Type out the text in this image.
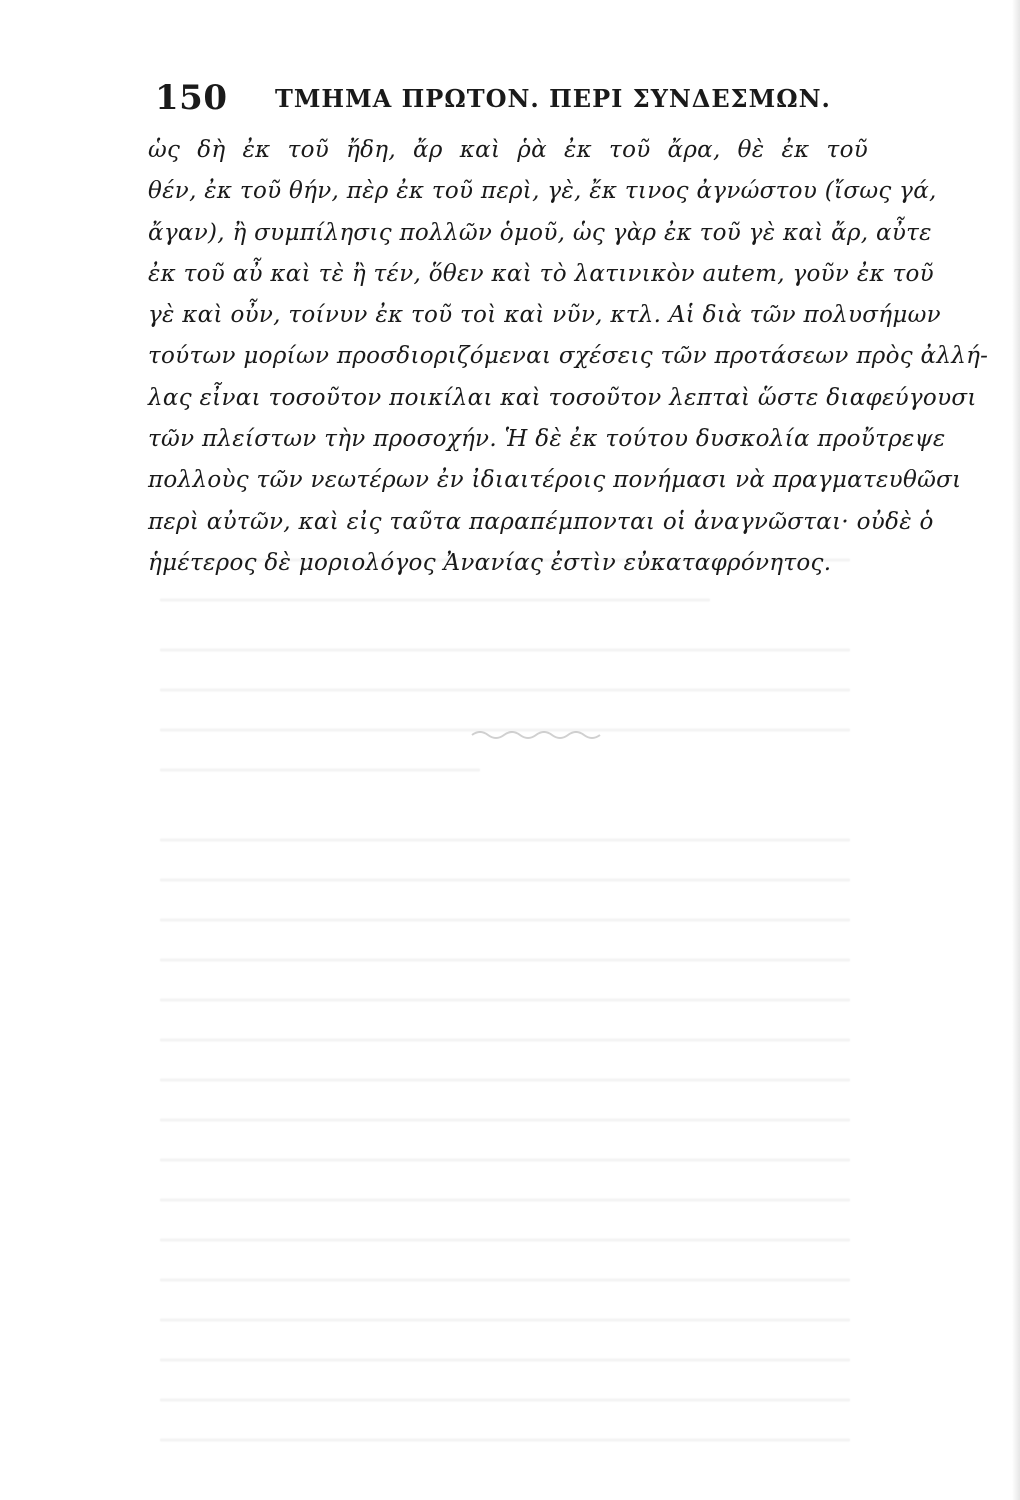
150 ΤΜΗΜΑ ΠΡΩΤΟΝ. ΠΕΡΙ ΣΥΝΔΕΣΜΩΝ.
ὡς δὴ ἐκ τοῦ ἤδη, ἄρ καὶ ῥὰ ἐκ τοῦ ἄρα, θὲ ἐκ τοῦ
θέν, ἐκ τοῦ θήν, πὲρ ἐκ τοῦ περὶ, γὲ, ἔκ τινος ἀγνώστου (ἴσως γά,
ἄγαν), ἢ συμπίλησις πολλῶν ὁμοῦ, ὡς γὰρ ἐκ τοῦ γὲ καὶ ἄρ, αὖτε
ἐκ τοῦ αὖ καὶ τὲ ἢ τέν, ὅθεν καὶ τὸ λατινικὸν autem, γοῦν ἐκ τοῦ
γὲ καὶ οὖν, τοίνυν ἐκ τοῦ τοὶ καὶ νῦν, κτλ. Αἱ διὰ τῶν πολυσήμων
τούτων μορίων προσδιοριζόμεναι σχέσεις τῶν προτάσεων πρὸς ἀλλή-
λας εἶναι τοσοῦτον ποικίλαι καὶ τοσοῦτον λεπταὶ ὥστε διαφεύγουσι
τῶν πλείστων τὴν προσοχήν. Ἡ δὲ ἐκ τούτου δυσκολία προὔτρεψε
πολλοὺς τῶν νεωτέρων ἐν ἰδιαιτέροις πονήμασι νὰ πραγματευθῶσι
περὶ αὐτῶν, καὶ εἰς ταῦτα παραπέμπονται οἱ ἀναγνῶσται· οὐδὲ ὁ
ἡμέτερος δὲ μοριολόγος Ἀνανίας ἐστὶν εὐκαταφρόνητος.
